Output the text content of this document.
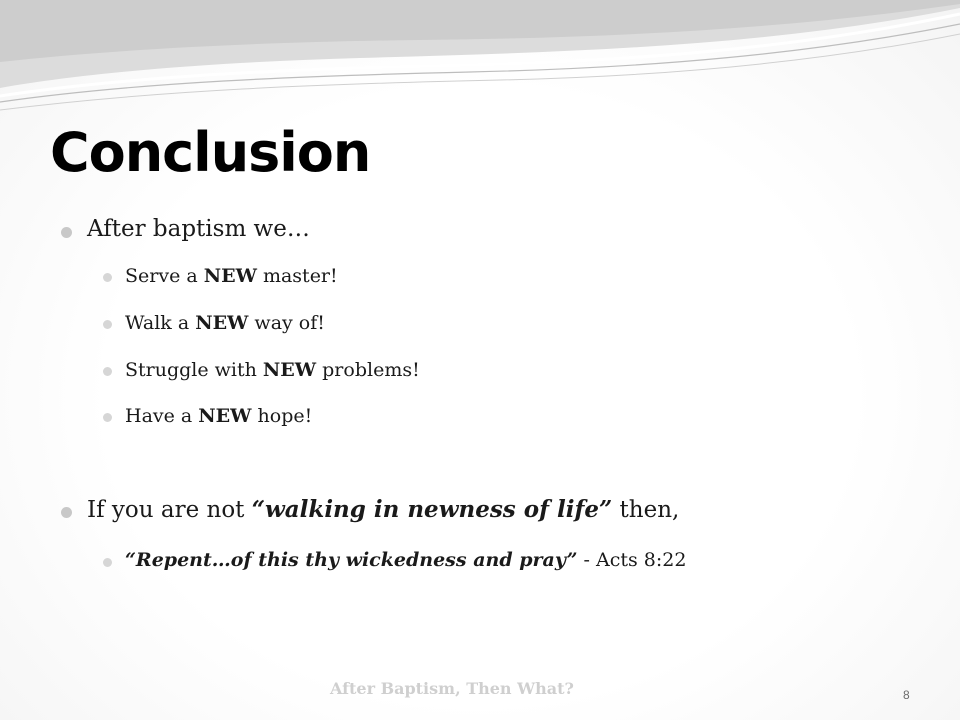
Conclusion
After baptism we…
Serve a NEW master!
Walk a NEW way of!
Struggle with NEW problems!
Have a NEW hope!
If you are not “walking in newness of life” then,
“Repent…of this thy wickedness and pray” - Acts 8:22
After Baptism, Then What?	8
